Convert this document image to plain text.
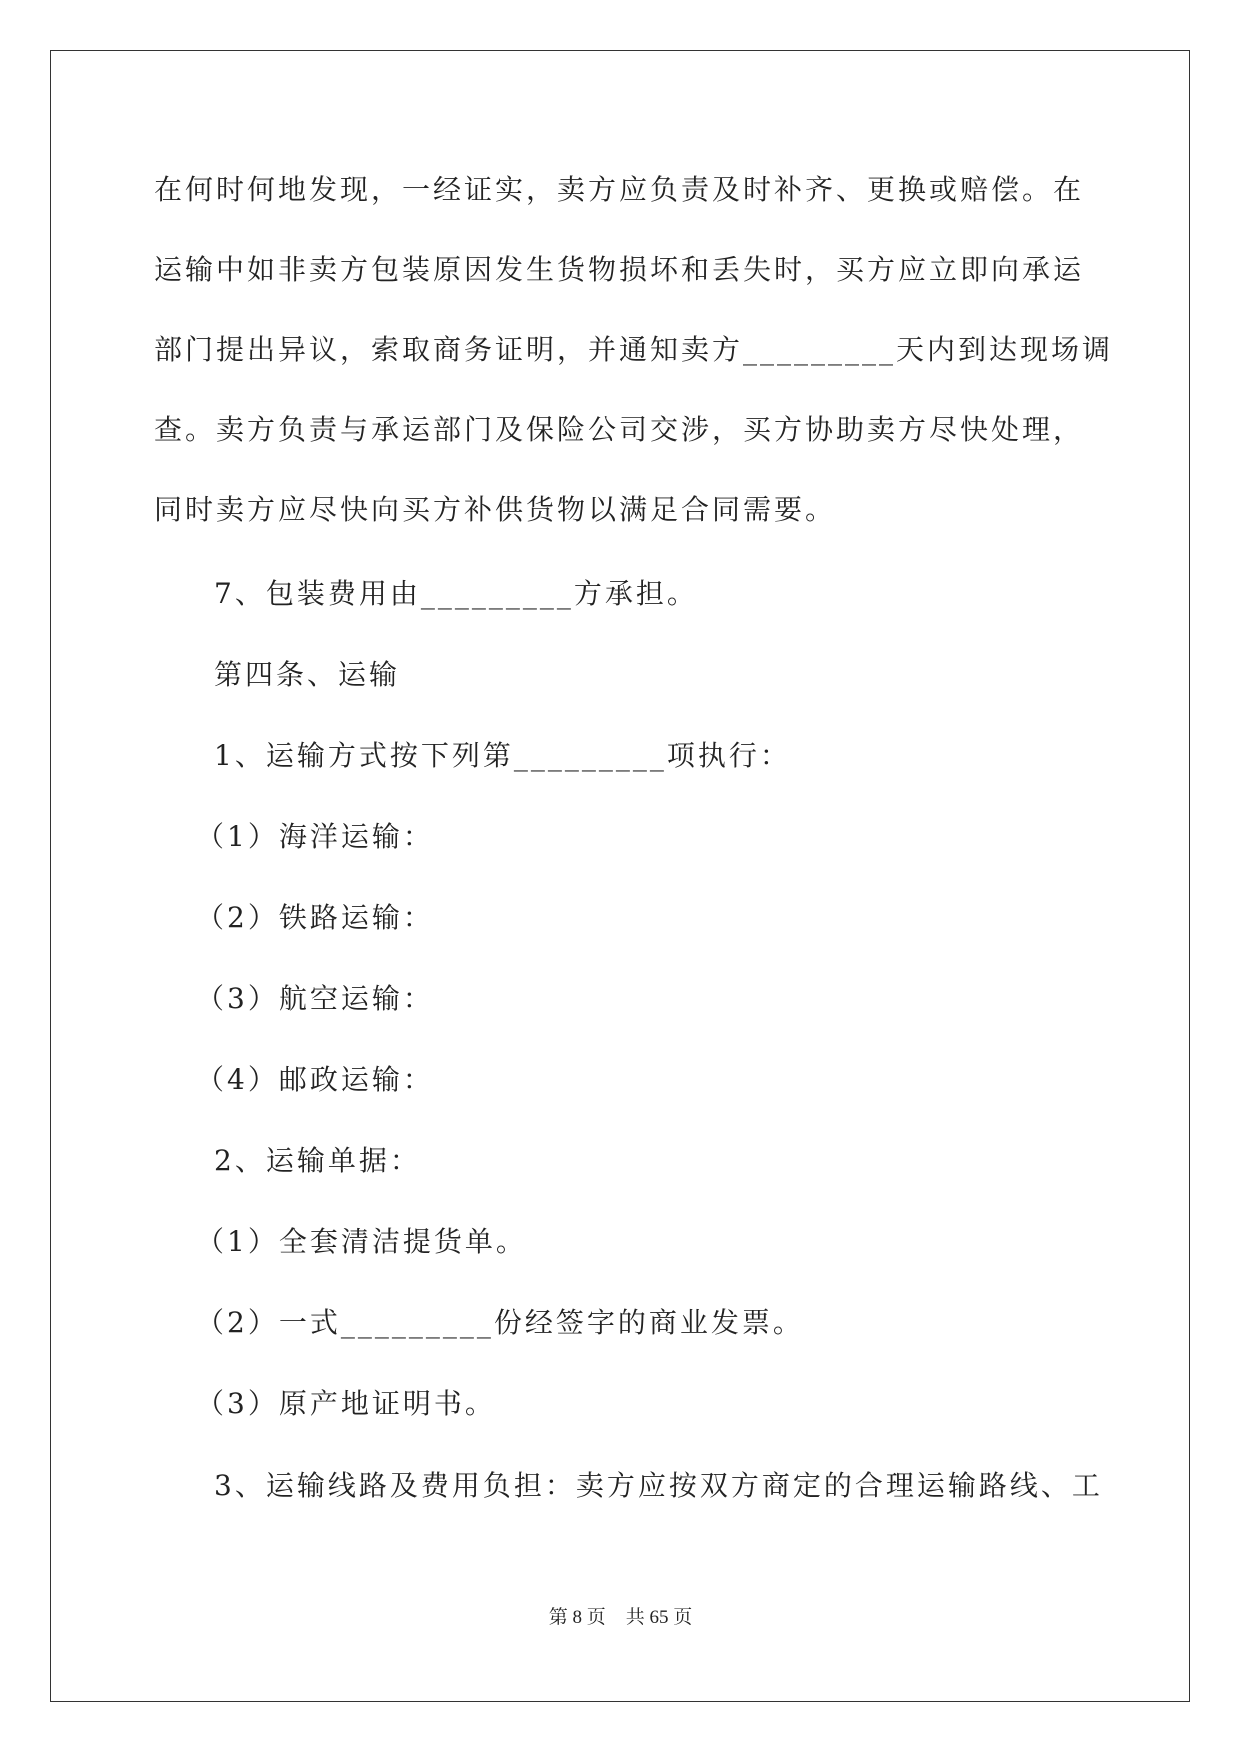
在何时何地发现，一经证实，卖方应负责及时补齐、更换或赔偿。在
运输中如非卖方包装原因发生货物损坏和丢失时，买方应立即向承运
部门提出异议，索取商务证明，并通知卖方_________天内到达现场调
查。卖方负责与承运部门及保险公司交涉，买方协助卖方尽快处理，
同时卖方应尽快向买方补供货物以满足合同需要。
7、包装费用由_________方承担。
第四条、运输
1、运输方式按下列第_________项执行：
（1）海洋运输：
（2）铁路运输：
（3）航空运输：
（4）邮政运输：
2、运输单据：
（1）全套清洁提货单。
（2）一式_________份经签字的商业发票。
（3）原产地证明书。
3、运输线路及费用负担：卖方应按双方商定的合理运输路线、工
第 8 页 共 65 页
